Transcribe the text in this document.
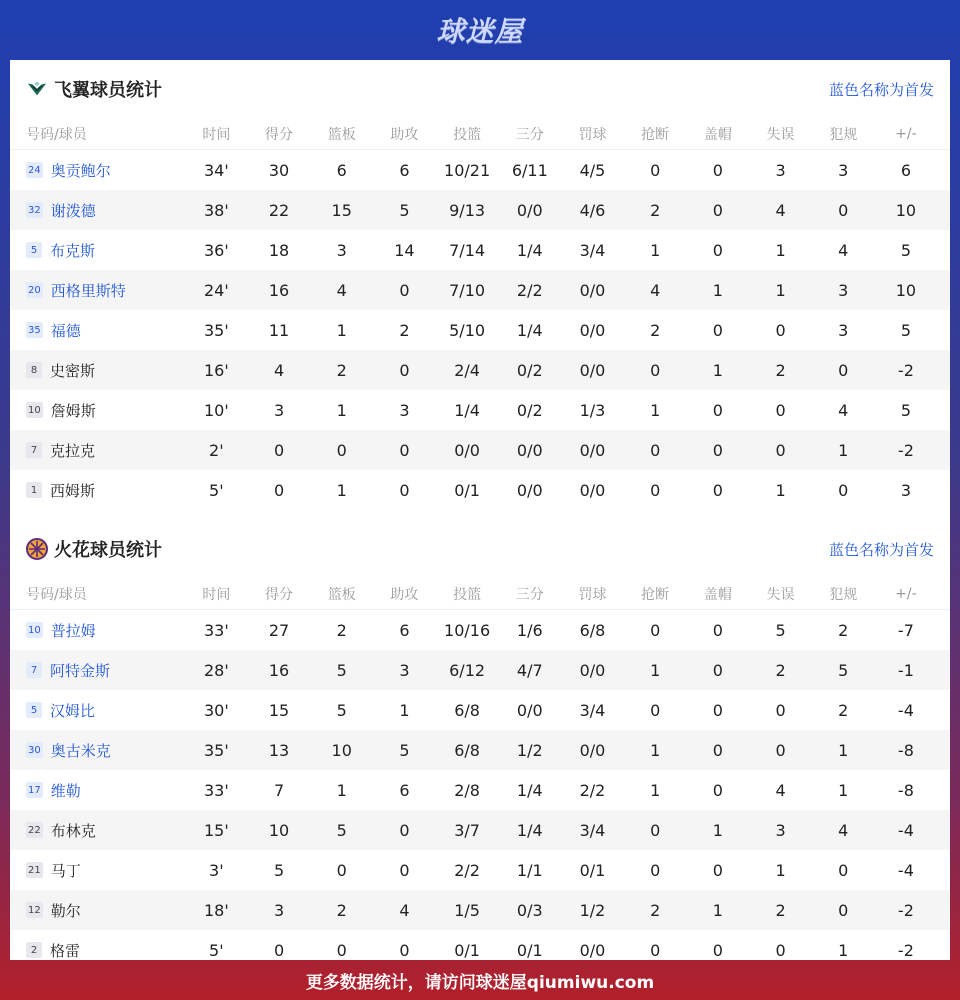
球迷屋
飞翼球员统计	蓝色名称为首发
号码/球员	时间	得分	篮板	助攻	投篮	三分	罚球	抢断	盖帽	失误	犯规	+/-
24 奥贡鲍尔	34'	30	6	6	10/21	6/11	4/5	0	0	3	3	6
32 谢泼德	38'	22	15	5	9/13	0/0	4/6	2	0	4	0	10
5 布克斯	36'	18	3	14	7/14	1/4	3/4	1	0	1	4	5
20 西格里斯特	24'	16	4	0	7/10	2/2	0/0	4	1	1	3	10
35 福德	35'	11	1	2	5/10	1/4	0/0	2	0	0	3	5
8 史密斯	16'	4	2	0	2/4	0/2	0/0	0	1	2	0	-2
10 詹姆斯	10'	3	1	3	1/4	0/2	1/3	1	0	0	4	5
7 克拉克	2'	0	0	0	0/0	0/0	0/0	0	0	0	1	-2
1 西姆斯	5'	0	1	0	0/1	0/0	0/0	0	0	1	0	3
火花球员统计	蓝色名称为首发
号码/球员	时间	得分	篮板	助攻	投篮	三分	罚球	抢断	盖帽	失误	犯规	+/-
10 普拉姆	33'	27	2	6	10/16	1/6	6/8	0	0	5	2	-7
7 阿特金斯	28'	16	5	3	6/12	4/7	0/0	1	0	2	5	-1
5 汉姆比	30'	15	5	1	6/8	0/0	3/4	0	0	0	2	-4
30 奥古米克	35'	13	10	5	6/8	1/2	0/0	1	0	0	1	-8
17 维勒	33'	7	1	6	2/8	1/4	2/2	1	0	4	1	-8
22 布林克	15'	10	5	0	3/7	1/4	3/4	0	1	3	4	-4
21 马丁	3'	5	0	0	2/2	1/1	0/1	0	0	1	0	-4
12 勒尔	18'	3	2	4	1/5	0/3	1/2	2	1	2	0	-2
2 格雷	5'	0	0	0	0/1	0/1	0/0	0	0	0	1	-2
更多数据统计，请访问球迷屋qiumiwu.com
